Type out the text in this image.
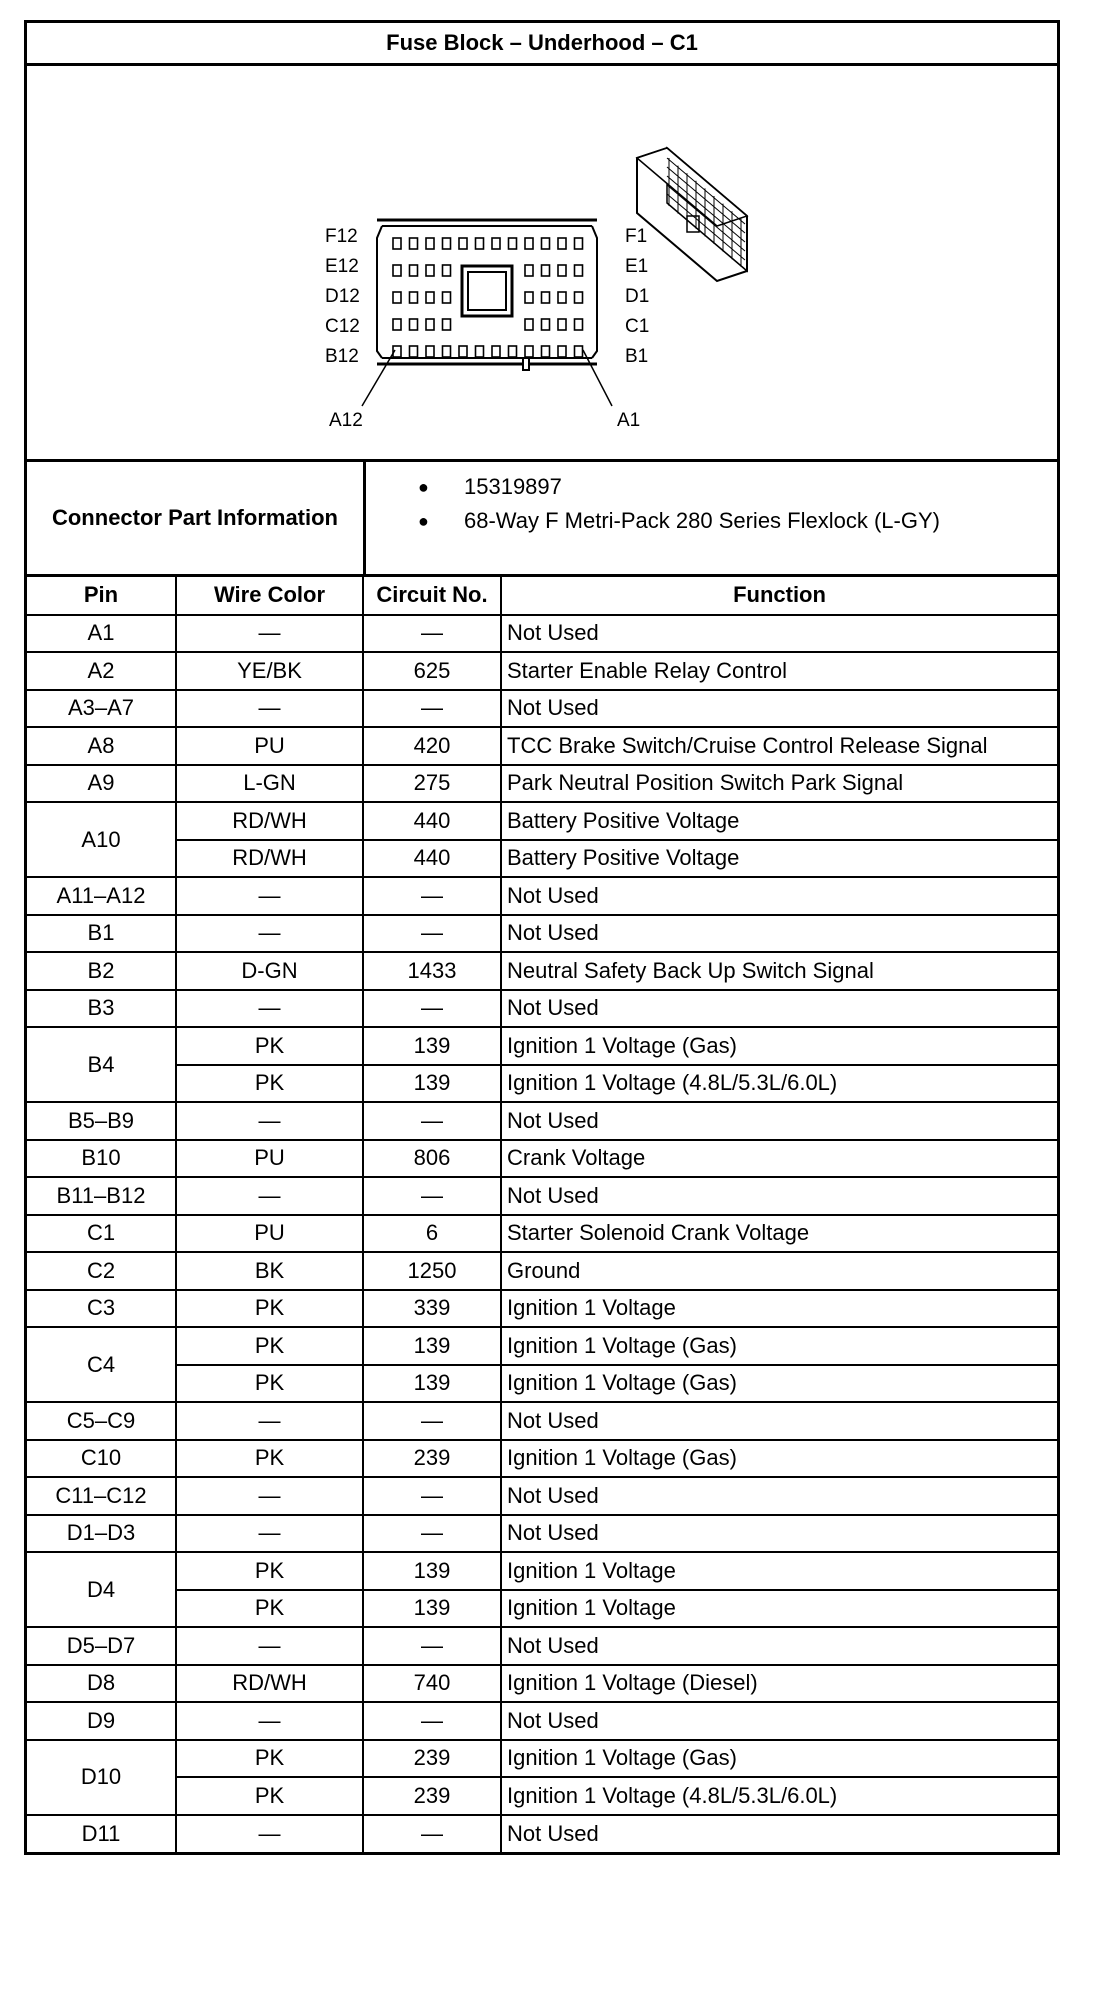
Fuse Block – Underhood – C1
F12
E12
D12
C12
B12
F1
E1
D1
C1
B1
A12	A1
Connector Part Information
●	15319897
●	68-Way F Metri-Pack 280 Series Flexlock (L-GY)
Pin	Wire Color	Circuit No.	Function
A1	—	—	Not Used
A2	YE/BK	625	Starter Enable Relay Control
A3–A7	—	—	Not Used
A8	PU	420	TCC Brake Switch/Cruise Control Release Signal
A9	L-GN	275	Park Neutral Position Switch Park Signal
A10	RD/WH	440	Battery Positive Voltage
	RD/WH	440	Battery Positive Voltage
A11–A12	—	—	Not Used
B1	—	—	Not Used
B2	D-GN	1433	Neutral Safety Back Up Switch Signal
B3	—	—	Not Used
B4	PK	139	Ignition 1 Voltage (Gas)
	PK	139	Ignition 1 Voltage (4.8L/5.3L/6.0L)
B5–B9	—	—	Not Used
B10	PU	806	Crank Voltage
B11–B12	—	—	Not Used
C1	PU	6	Starter Solenoid Crank Voltage
C2	BK	1250	Ground
C3	PK	339	Ignition 1 Voltage
C4	PK	139	Ignition 1 Voltage (Gas)
	PK	139	Ignition 1 Voltage (Gas)
C5–C9	—	—	Not Used
C10	PK	239	Ignition 1 Voltage (Gas)
C11–C12	—	—	Not Used
D1–D3	—	—	Not Used
D4	PK	139	Ignition 1 Voltage
	PK	139	Ignition 1 Voltage
D5–D7	—	—	Not Used
D8	RD/WH	740	Ignition 1 Voltage (Diesel)
D9	—	—	Not Used
D10	PK	239	Ignition 1 Voltage (Gas)
	PK	239	Ignition 1 Voltage (4.8L/5.3L/6.0L)
D11	—	—	Not Used
